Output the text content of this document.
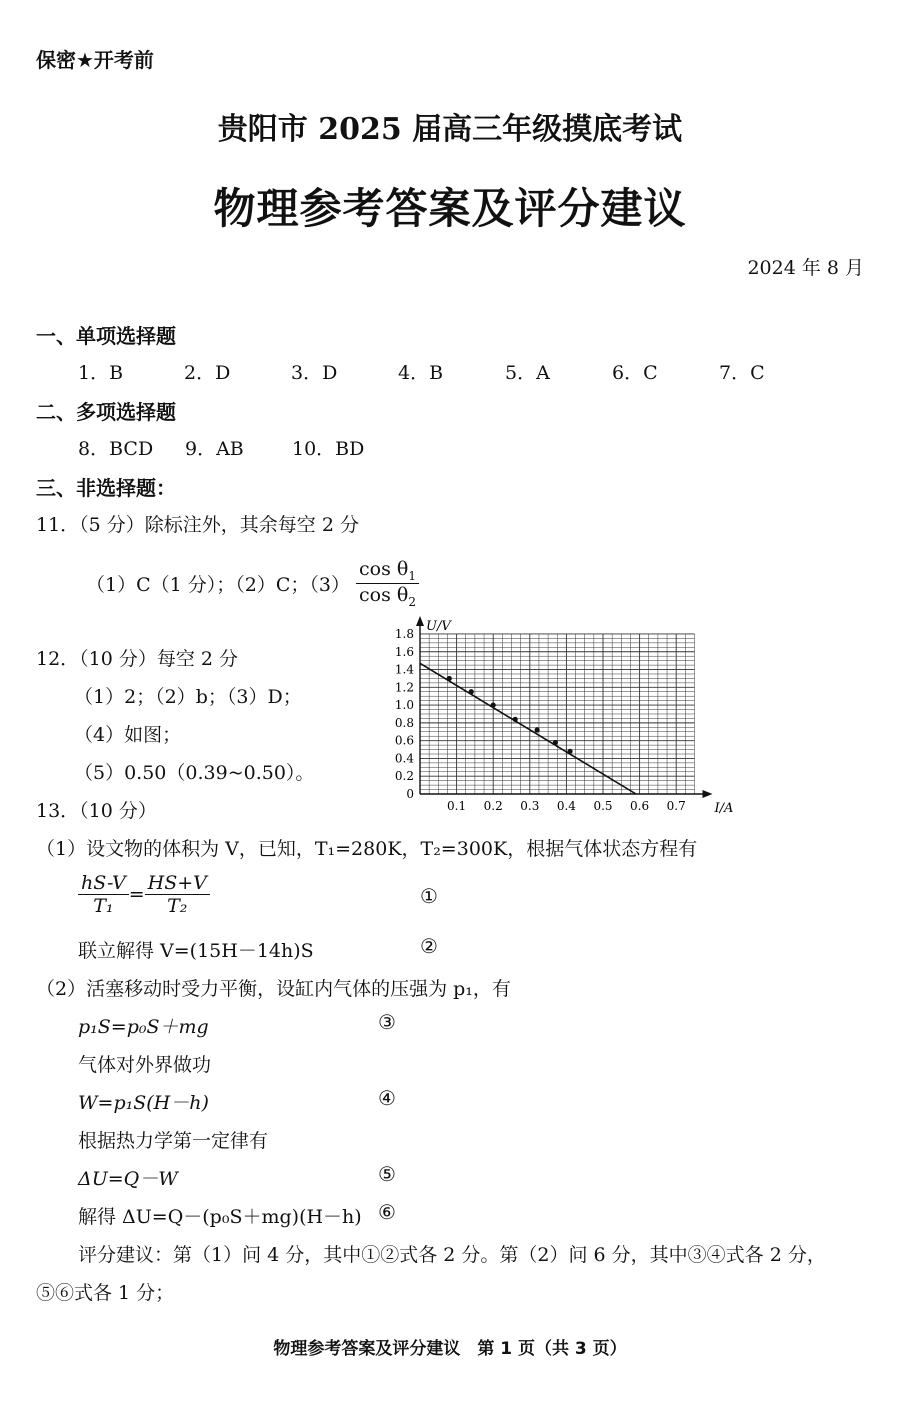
保密★开考前
贵阳市 2025 届高三年级摸底考试
物理参考答案及评分建议
2024 年 8 月
一、单项选择题
1．B	2．D	3．D	4．B	5．A	6．C	7．C
二、多项选择题
8．BCD 9．AB	10．BD
三、非选择题：
11．（5 分）除标注外，其余每空 2 分
（1）C（1 分）；（2）C；$(3) \frac{\cos \theta_1}{\cos \theta_2}$
12．（10 分）每空 2 分
（1）2；（2）b；（3）D；
（4）如图；
（5）0.50（0.39~0.50）。
0
0.2
0.4
0.6
0.8
1.0
1.2
1.4
1.6
1.8
0.1 0.2 0.3 0.4 0.5 0.6 0.7
U/V
I/A
13．（10 分）
（1）设文物的体积为 V，已知，T₁=280K，T₂=300K，根据气体状态方程有
$\frac{hS-V}{\text{T₁}} = \frac{HS+V}{\text{T₂}}$	①
联立解得 V=(15H－14h)S	②
（2）活塞移动时受力平衡，设缸内气体的压强为 p₁，有
p₁S=p₀S＋mg	③
气体对外界做功
W=p₁S(H－h)	④
根据热力学第一定律有
ΔU=Q－W	⑤
解得 ΔU=Q－(p₀S＋mg)(H－h) ⑥
评分建议：第（1）问 4 分，其中①②式各 2 分。第（2）问 6 分，其中③④式各 2 分，
⑤⑥式各 1 分；
物理参考答案及评分建议　第 1 页（共 3 页）
